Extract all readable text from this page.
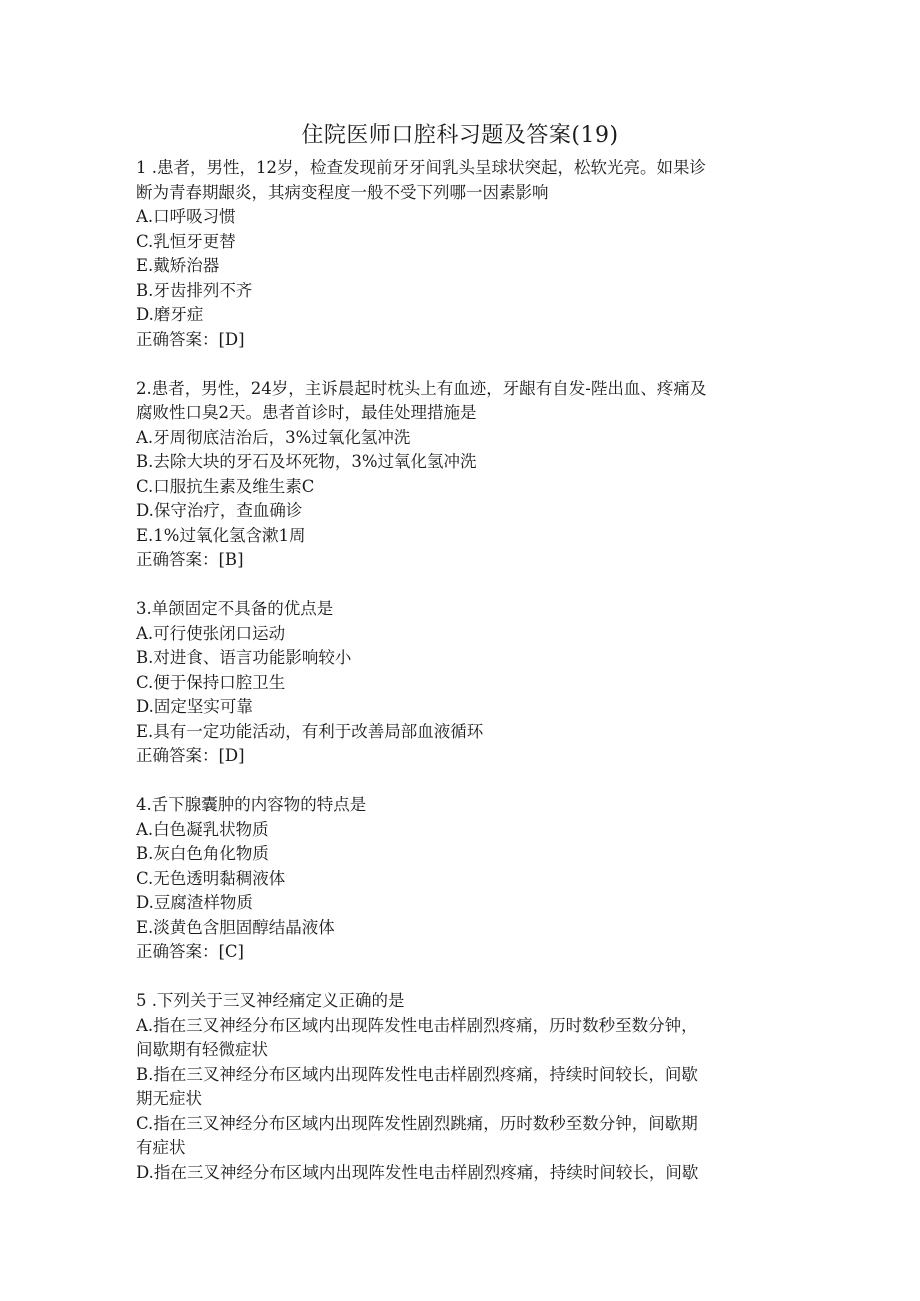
住院医师口腔科习题及答案(19)
1 .患者，男性，12岁，检查发现前牙牙间乳头呈球状突起，松软光亮。如果诊
断为青春期龈炎，其病变程度一般不受下列哪一因素影响
A.口呼吸习惯
C.乳恒牙更替
E.戴矫治器
B.牙齿排列不齐
D.磨牙症
正确答案：[D]
2.患者，男性，24岁，主诉晨起时枕头上有血迹，牙龈有自发-陛出血、疼痛及
腐败性口臭2天。患者首诊时，最佳处理措施是
A.牙周彻底洁治后，3%过氧化氢冲洗
B.去除大块的牙石及坏死物，3%过氧化氢冲洗
C.口服抗生素及维生素C
D.保守治疗，查血确诊
E.1%过氧化氢含漱1周
正确答案：[B]
3.单颌固定不具备的优点是
A.可行使张闭口运动
B.对进食、语言功能影响较小
C.便于保持口腔卫生
D.固定坚实可靠
E.具有一定功能活动，有利于改善局部血液循环
正确答案：[D]
4.舌下腺囊肿的内容物的特点是
A.白色凝乳状物质
B.灰白色角化物质
C.无色透明黏稠液体
D.豆腐渣样物质
E.淡黄色含胆固醇结晶液体
正确答案：[C]
5 .下列关于三叉神经痛定义正确的是
A.指在三叉神经分布区域内出现阵发性电击样剧烈疼痛，历时数秒至数分钟，
间歇期有轻微症状
B.指在三叉神经分布区域内出现阵发性电击样剧烈疼痛，持续时间较长，间歇
期无症状
C.指在三叉神经分布区域内出现阵发性剧烈跳痛，历时数秒至数分钟，间歇期
有症状
D.指在三叉神经分布区域内出现阵发性电击样剧烈疼痛，持续时间较长，间歇
